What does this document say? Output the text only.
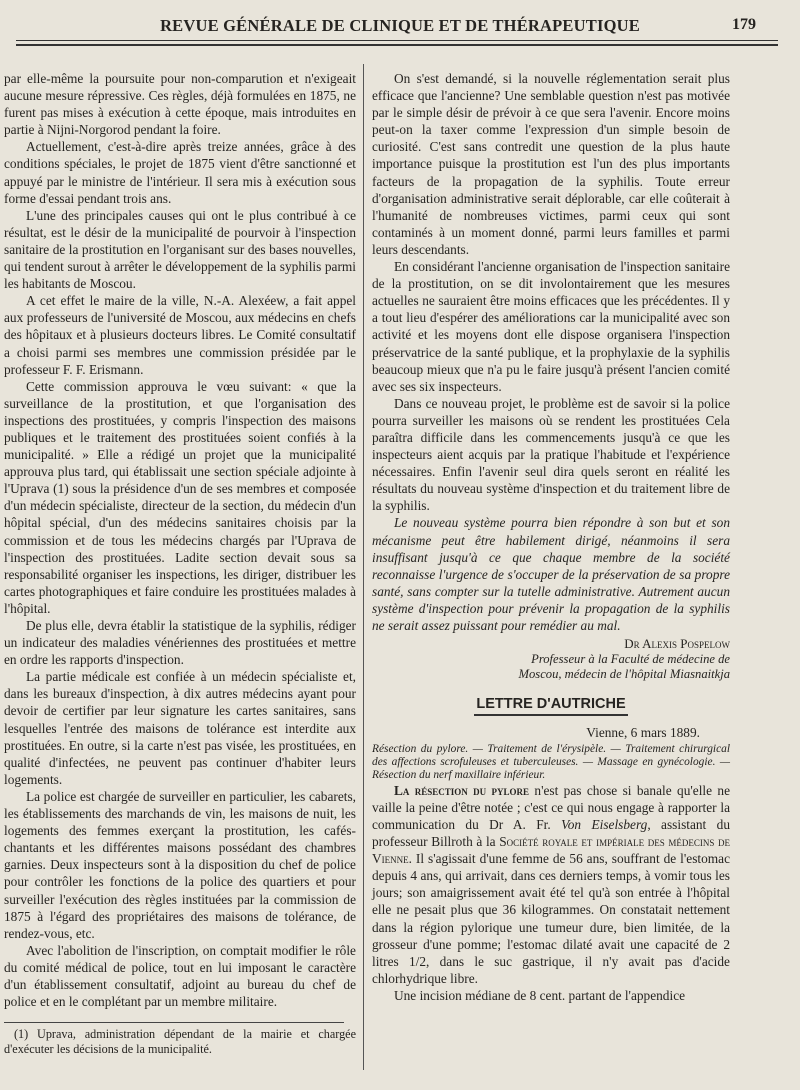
REVUE GÉNÉRALE DE CLINIQUE ET DE THÉRAPEUTIQUE	179

par elle-même la poursuite pour non-comparution et n'exigeait aucune mesure répressive. Ces règles, déjà formulées en 1875, ne furent pas mises à exécution à cette époque, mais introduites en partie à Nijni-Norgorod pendant la foire.

Actuellement, c'est-à-dire après treize années, grâce à des conditions spéciales, le projet de 1875 vient d'être sanctionné et appuyé par le ministre de l'intérieur. Il sera mis à exécution sous forme d'essai pendant trois ans.

L'une des principales causes qui ont le plus contribué à ce résultat, est le désir de la municipalité de pourvoir à l'inspection sanitaire de la prostitution en l'organisant sur des bases nouvelles, qui tendent surout à arrêter le développement de la syphilis parmi les habitants de Moscou.

A cet effet le maire de la ville, N.-A. Alexéew, a fait appel aux professeurs de l'université de Moscou, aux médecins en chefs des hôpitaux et à plusieurs docteurs libres. Le Comité consultatif a choisi parmi ses membres une commission présidée par le professeur F. F. Erismann.

Cette commission approuva le vœu suivant: « que la surveillance de la prostitution, et que l'organisation des inspections des prostituées, y compris l'inspection des maisons publiques et le traitement des prostituées soient confiés à la municipalité. » Elle a rédigé un projet que la municipalité approuva plus tard, qui établissait une section spéciale adjointe à l'Uprava (1) sous la présidence d'un de ses membres et composée d'un médecin spécialiste, directeur de la section, du médecin d'un hôpital spécial, d'un des médecins sanitaires choisis par la commission et de tous les médecins chargés par l'Uprava de l'inspection des prostituées. Ladite section devait sous sa responsabilité organiser les inspections, les diriger, distribuer les cartes photographiques et faire conduire les prostituées malades à l'hôpital.

De plus elle, devra établir la statistique de la syphilis, rédiger un indicateur des maladies vénériennes des prostituées et mettre en ordre les rapports d'inspection.

La partie médicale est confiée à un médecin spécialiste et, dans les bureaux d'inspection, à dix autres médecins ayant pour devoir de certifier par leur signature les cartes sanitaires, sans lesquelles l'entrée des maisons de tolérance est interdite aux prostituées. En outre, si la carte n'est pas visée, les prostituées, en qualité d'infectées, ne peuvent pas continuer d'habiter leurs logements.

La police est chargée de surveiller en particulier, les cabarets, les établissements des marchands de vin, les maisons de nuit, les logements des femmes exerçant la prostitution, les cafés-chantants et les différentes maisons possédant des chambres garnies. Deux inspecteurs sont à la disposition du chef de police pour contrôler les fonctions de la police des quartiers et pour surveiller l'exécution des règles instituées par la commission de 1875 à l'égard des propriétaires des maisons de tolérance, de rendez-vous, etc.

Avec l'abolition de l'inscription, on comptait modifier le rôle du comité médical de police, tout en lui imposant le caractère d'un établissement consultatif, adjoint au bureau du chef de police et en le complétant par un membre militaire.

(1) Uprava, administration dépendant de la mairie et chargée d'exécuter les décisions de la municipalité.

On s'est demandé, si la nouvelle réglementation serait plus efficace que l'ancienne? Une semblable question n'est pas motivée par le simple désir de prévoir à ce que sera l'avenir. Encore moins peut-on la taxer comme l'expression d'un simple besoin de curiosité. C'est sans contredit une question de la plus haute importance puisque la prostitution est l'un des plus importants facteurs de la propagation de la syphilis. Toute erreur d'organisation administrative serait déplorable, car elle coûterait à l'humanité de nombreuses victimes, parmi ceux qui sont contaminés à un moment donné, parmi leurs familles et parmi leurs descendants.

En considérant l'ancienne organisation de l'inspection sanitaire de la prostitution, on se dit involontairement que les mesures actuelles ne sauraient être moins efficaces que les précédentes. Il y a tout lieu d'espérer des améliorations car la municipalité avec son activité et les moyens dont elle dispose organisera l'inspection préservatrice de la santé publique, et la prophylaxie de la syphilis beaucoup mieux que n'a pu le faire jusqu'à présent l'ancien comité avec ses six inspecteurs.

Dans ce nouveau projet, le problème est de savoir si la police pourra surveiller les maisons où se rendent les prostituées Cela paraîtra difficile dans les commencements jusqu'à ce que les inspecteurs aient acquis par la pratique l'habitude et l'expérience nécessaires. Enfin l'avenir seul dira quels seront en réalité les résultats du nouveau système d'inspection et du traitement libre de la syphilis.

Le nouveau système pourra bien répondre à son but et son mécanisme peut être habilement dirigé, néanmoins il sera insuffisant jusqu'à ce que chaque membre de la société reconnaisse l'urgence de s'occuper de la préservation de sa propre santé, sans compter sur la tutelle administrative. Autrement aucun système d'inspection pour prévenir la propagation de la syphilis ne serait assez puissant pour remédier au mal.

Dr Alexis Pospelow
Professeur à la Faculté de médecine de
Moscou, médecin de l'hôpital Miasnaitkja
LETTRE D'AUTRICHE
Vienne, 6 mars 1889.

Résection du pylore. — Traitement de l'érysipèle. — Traitement chirurgical des affections scrofuleuses et tuberculeuses. — Massage en gynécologie. — Résection du nerf maxillaire inférieur.

La résection du pylore n'est pas chose si banale qu'elle ne vaille la peine d'être notée ; c'est ce qui nous engage à rapporter la communication du Dr A. Fr. Von Eiselsberg, assistant du professeur Billroth à la Société royale et impériale des médecins de Vienne. Il s'agissait d'une femme de 56 ans, souffrant de l'estomac depuis 4 ans, qui arrivait, dans ces derniers temps, à vomir tous les jours; son amaigrissement avait été tel qu'à son entrée à l'hôpital elle ne pesait plus que 36 kilogrammes. On constatait nettement dans la région pylorique une tumeur dure, bien limitée, de la grosseur d'une pomme; l'estomac dilaté avait une capacité de 2 litres 1/2, dans le suc gastrique, il n'y avait pas d'acide chlorhydrique libre.

Une incision médiane de 8 cent. partant de l'appendice
